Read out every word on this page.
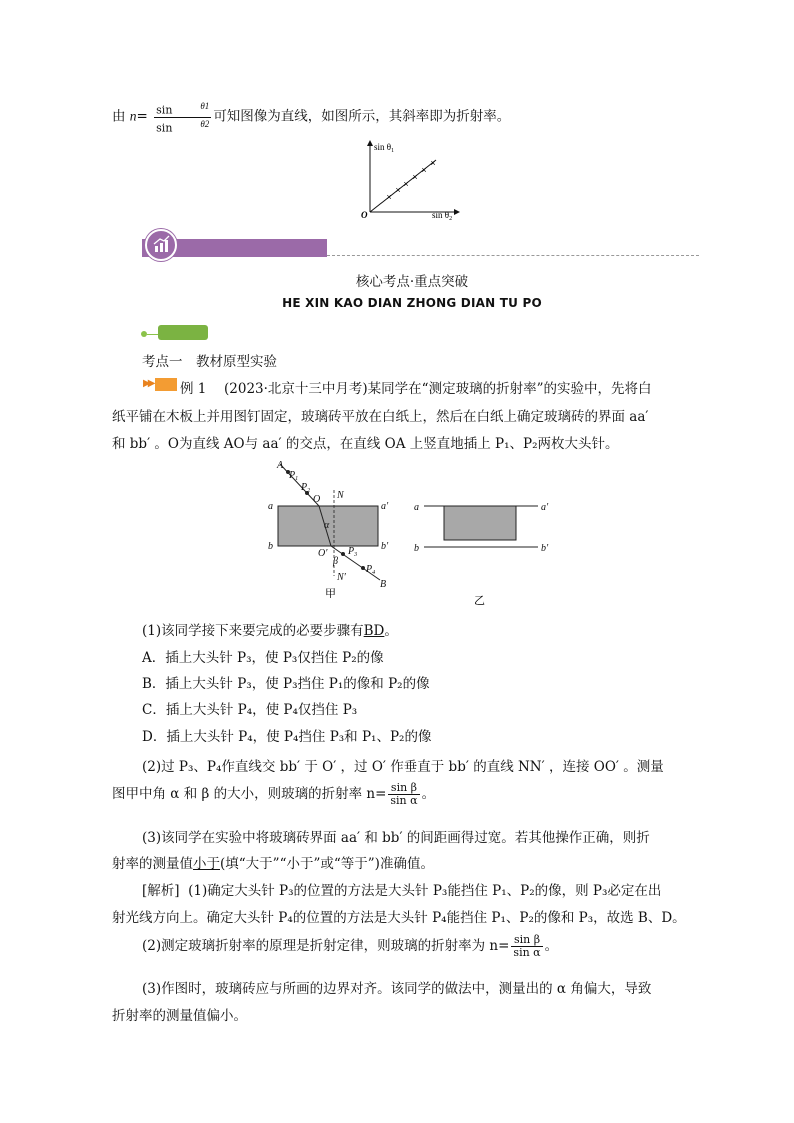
由 n= sin	$^{\theta 1}$
sin	$^{\theta 2}$ 可知图像为直线，如图所示，其斜率即为折射率。
×
×
×
×
×
×
$\sin \theta_1$
$\sin \theta_2$
O
核心考点·重点突破
HE XIN KAO DIAN ZHONG DIAN TU PO
考点一　教材原型实验
▶▶ 例 1 (2023·北京十三中月考)某同学在“测定玻璃的折射率”的实验中，先将白
纸平铺在木板上并用图钉固定，玻璃砖平放在白纸上，然后在白纸上确定玻璃砖的界面 aa′
和 bb′ 。O为直线 AO与 aa′ 的交点，在直线 OA 上竖直地插上 P₁、P₂两枚大头针。
A
$P_1$
$P_2$
O N
a	a′
b	b′
α
O′ $P_3$
β
$P_4$
N′
B
甲
a	a′
b	b′
乙
(1)该同学接下来要完成的必要步骤有BD。
A．插上大头针 P₃，使 P₃仅挡住 P₂的像
B．插上大头针 P₃，使 P₃挡住 P₁的像和 P₂的像
C．插上大头针 P₄，使 P₄仅挡住 P₃
D．插上大头针 P₄，使 P₄挡住 P₃和 P₁、P₂的像
(2)过 P₃、P₄作直线交 bb′ 于 O′ ，过 O′ 作垂直于 bb′ 的直线 NN′ ，连接 OO′ 。测量
图甲中角 α 和 β 的大小，则玻璃的折射率 $n= \frac{\text{sin β}}{\text{sin α}}$ 。
(3)该同学在实验中将玻璃砖界面 aa′ 和 bb′ 的间距画得过宽。若其他操作正确，则折
射率的测量值小于(填“大于”“小于”或“等于”)准确值。
[解析] (1)确定大头针 P₃的位置的方法是大头针 P₃能挡住 P₁、P₂的像，则 P₃必定在出
射光线方向上。确定大头针 P₄的位置的方法是大头针 P₄能挡住 P₁、P₂的像和 P₃，故选 B、D。
(2)测定玻璃折射率的原理是折射定律，则玻璃的折射率为 $n= \frac{\text{sin β}}{\text{sin α}}$ 。
(3)作图时，玻璃砖应与所画的边界对齐。该同学的做法中，测量出的 α 角偏大，导致
折射率的测量值偏小。
